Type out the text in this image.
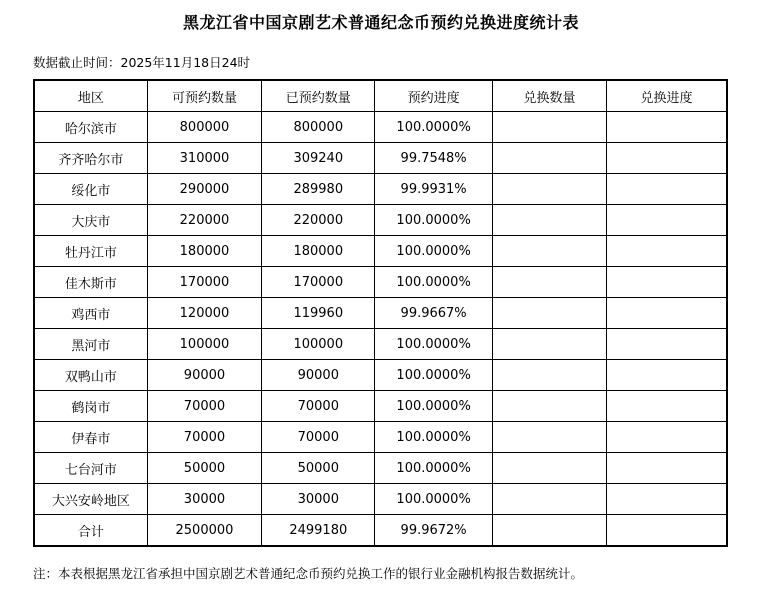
黑龙江省中国京剧艺术普通纪念币预约兑换进度统计表
数据截止时间：2025年11月18日24时
地区	可预约数量	已预约数量	预约进度	兑换数量	兑换进度
哈尔滨市	800000	800000	100.0000%		
齐齐哈尔市	310000	309240	99.7548%		
绥化市	290000	289980	99.9931%		
大庆市	220000	220000	100.0000%		
牡丹江市	180000	180000	100.0000%		
佳木斯市	170000	170000	100.0000%		
鸡西市	120000	119960	99.9667%		
黑河市	100000	100000	100.0000%		
双鸭山市	90000	90000	100.0000%		
鹤岗市	70000	70000	100.0000%		
伊春市	70000	70000	100.0000%		
七台河市	50000	50000	100.0000%		
大兴安岭地区	30000	30000	100.0000%		
合计	2500000	2499180	99.9672%		
注：本表根据黑龙江省承担中国京剧艺术普通纪念币预约兑换工作的银行业金融机构报告数据统计。
